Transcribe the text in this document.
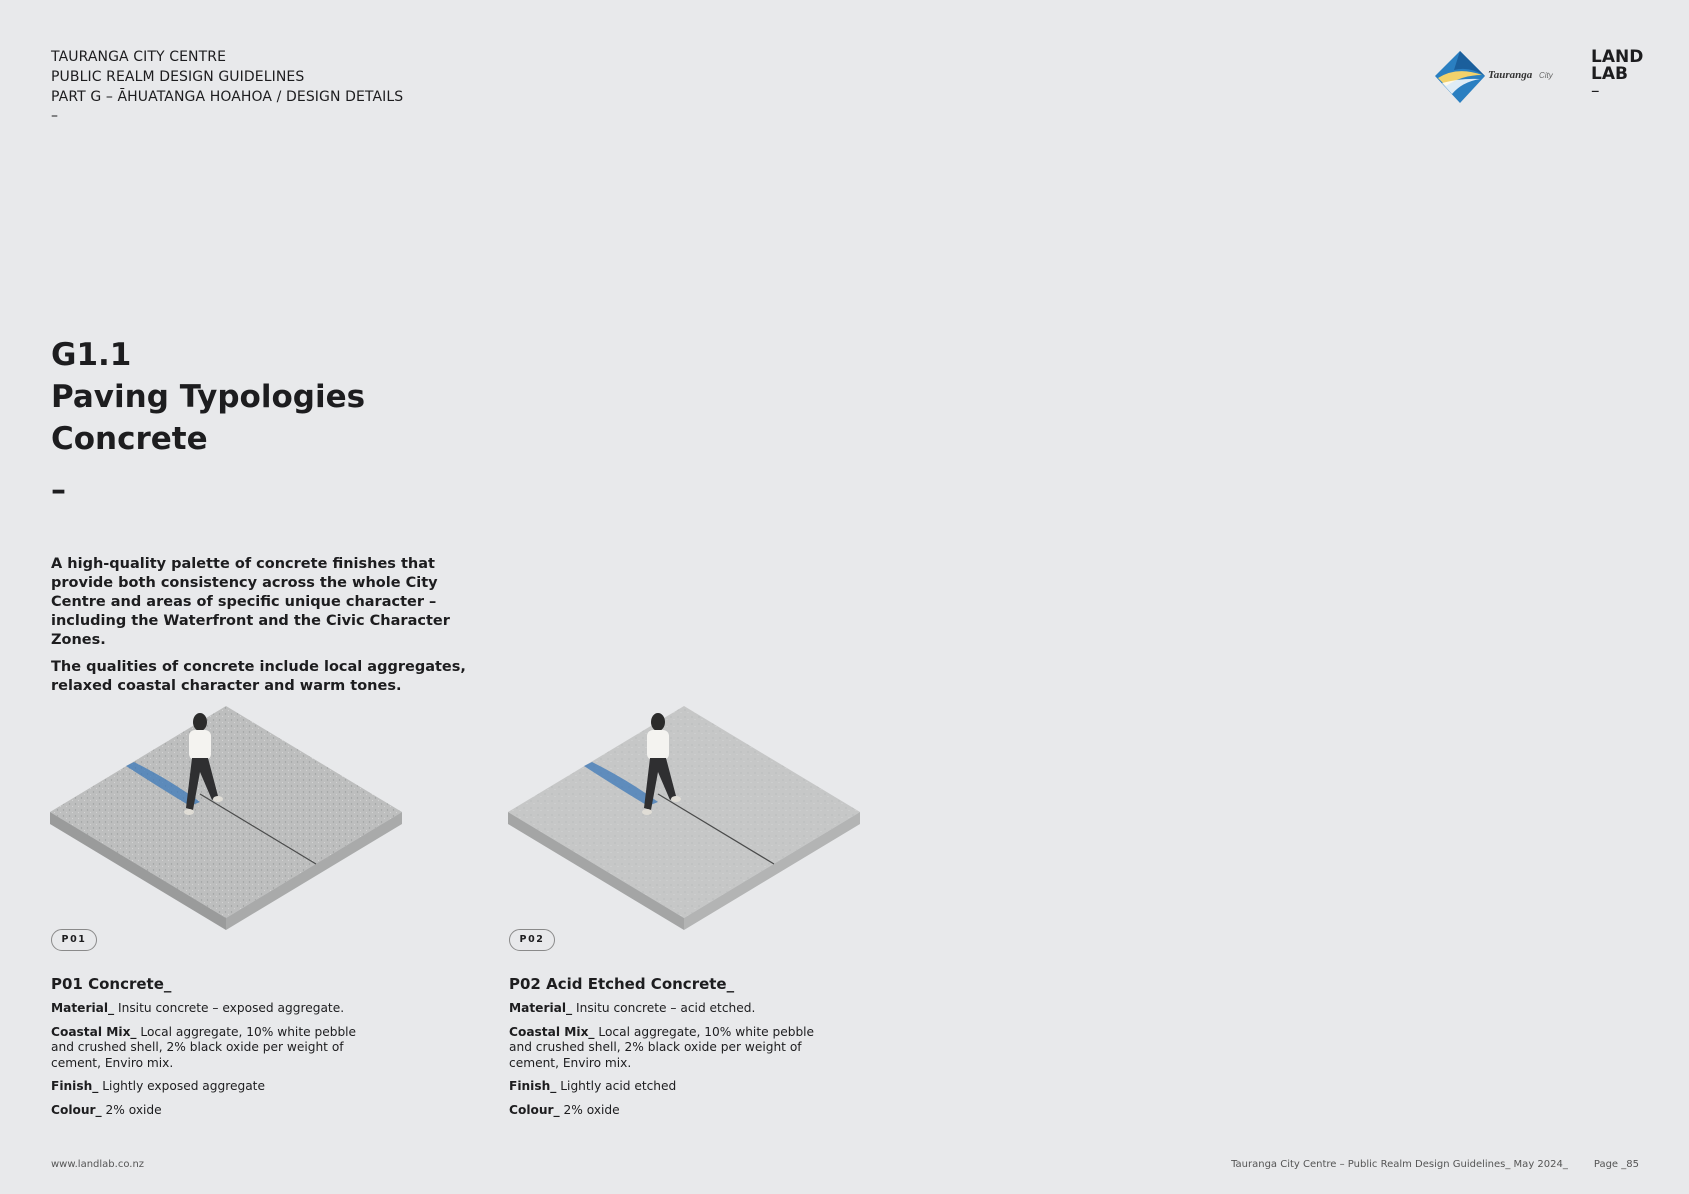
TAURANGA CITY CENTRE
PUBLIC REALM DESIGN GUIDELINES
PART G – ĀHUATANGA HOAHOA / DESIGN DETAILS
–
Tauranga City
LAND
LAB
–
G1.1
Paving Typologies
Concrete
–

A high-quality palette of concrete finishes that provide both consistency across the whole City Centre and areas of specific unique character – including the Waterfront and the Civic Character Zones.

The qualities of concrete include local aggregates, relaxed coastal character and warm tones.

P01	P02
P01 Concrete_

Material_ Insitu concrete – exposed aggregate.

Coastal Mix_ Local aggregate, 10% white pebble and crushed shell, 2% black oxide per weight of cement, Enviro mix.

Finish_ Lightly exposed aggregate

Colour_ 2% oxide

P02 Acid Etched Concrete_

Material_ Insitu concrete – acid etched.

Coastal Mix_ Local aggregate, 10% white pebble and crushed shell, 2% black oxide per weight of cement, Enviro mix.

Finish_ Lightly acid etched

Colour_ 2% oxide

www.landlab.co.nz	Tauranga City Centre – Public Realm Design Guidelines_ May 2024_	Page _85
